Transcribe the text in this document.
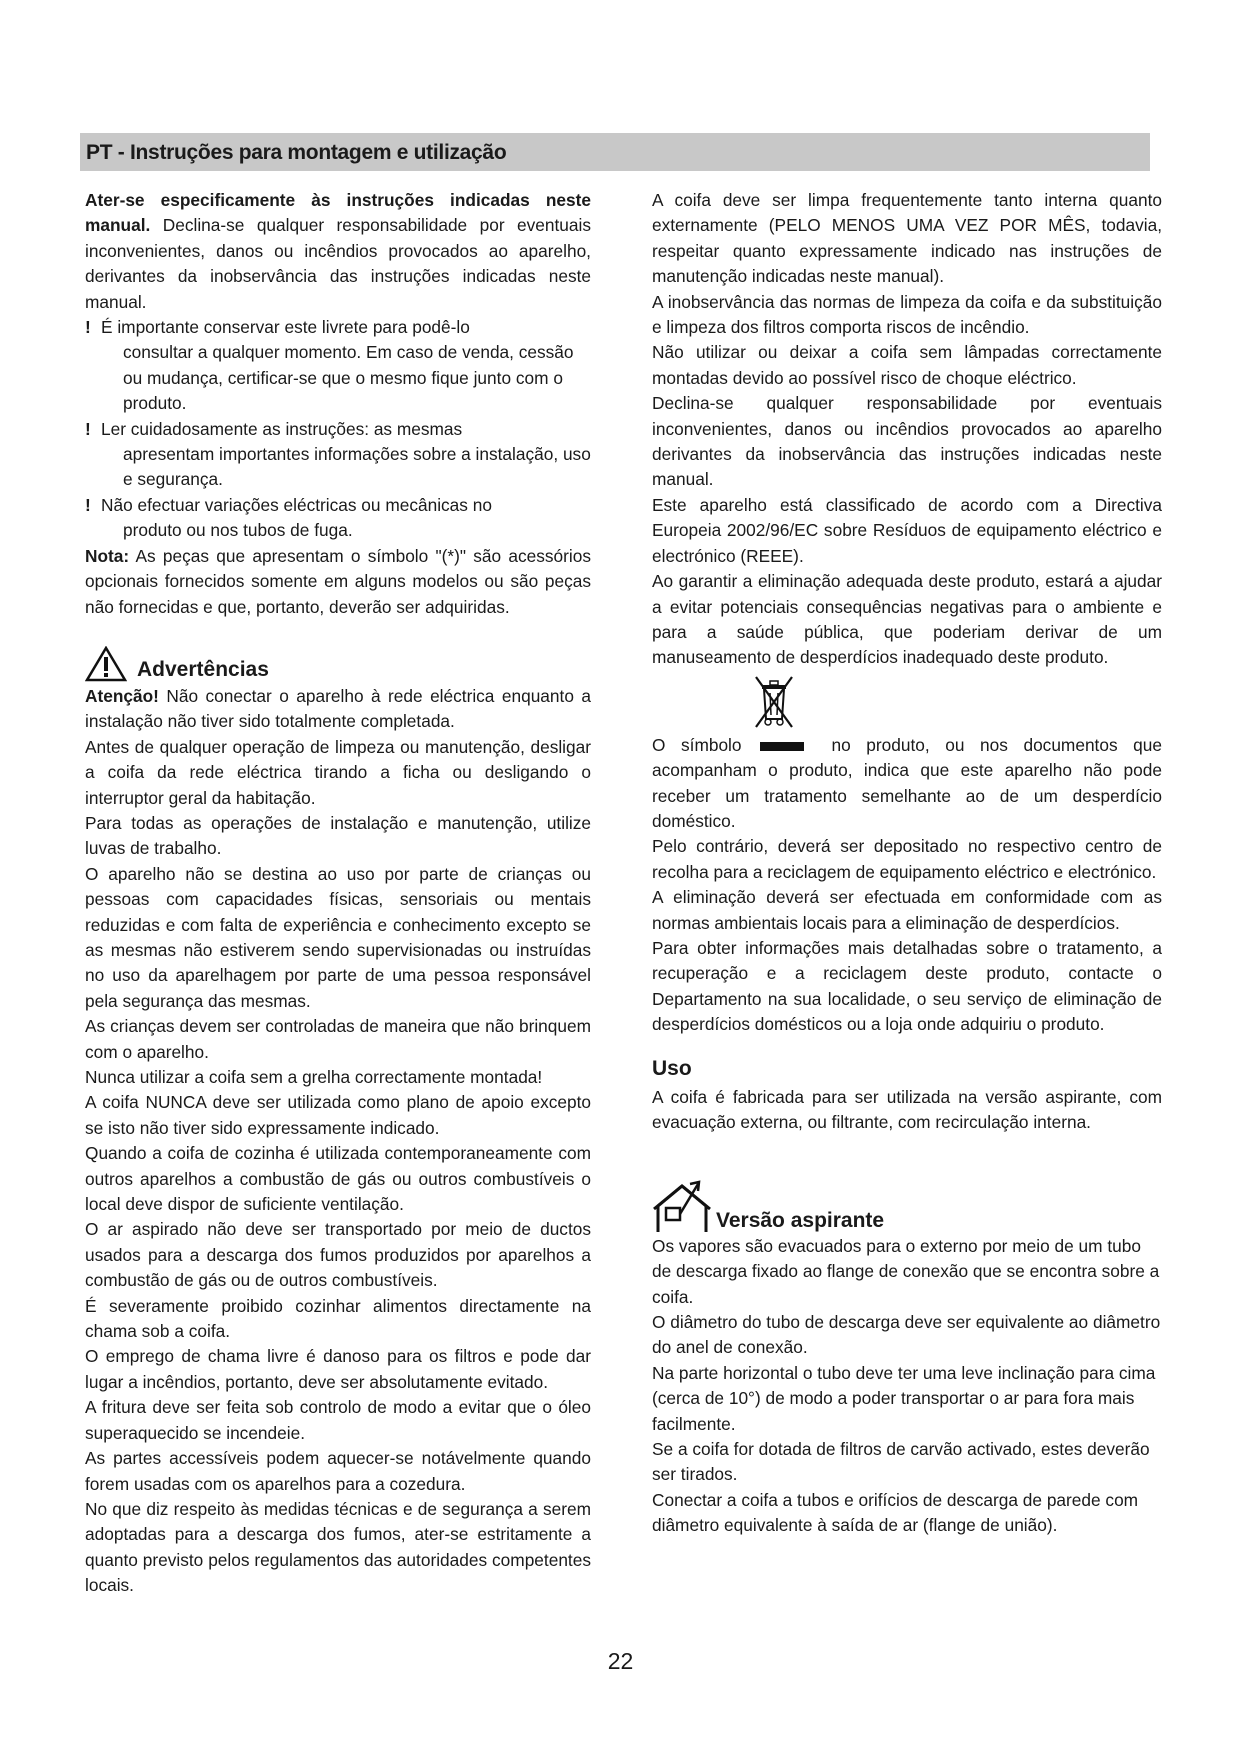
PT - Instruções para montagem e utilização

Ater-se especificamente às instruções indicadas neste manual. Declina-se qualquer responsabilidade por eventuais inconvenientes, danos ou incêndios provocados ao aparelho, derivantes da inobservância das instruções indicadas neste manual.

! É importante conservar este livrete para podê-lo

consultar a qualquer momento. Em caso de venda, cessão ou mudança, certificar-se que o mesmo fique junto com o produto.

! Ler cuidadosamente as instruções: as mesmas

apresentam importantes informações sobre a instalação, uso e segurança.

! Não efectuar variações eléctricas ou mecânicas no

produto ou nos tubos de fuga.

Nota: As peças que apresentam o símbolo "(*)" são acessórios opcionais fornecidos somente em alguns modelos ou são peças não fornecidas e que, portanto, deverão ser adquiridas.

Advertências

Atenção! Não conectar o aparelho à rede eléctrica enquanto a instalação não tiver sido totalmente completada.

Antes de qualquer operação de limpeza ou manutenção, desligar a coifa da rede eléctrica tirando a ficha ou desligando o interruptor geral da habitação.

Para todas as operações de instalação e manutenção, utilize luvas de trabalho.

O aparelho não se destina ao uso por parte de crianças ou pessoas com capacidades físicas, sensoriais ou mentais reduzidas e com falta de experiência e conhecimento excepto se as mesmas não estiverem sendo supervisionadas ou instruídas no uso da aparelhagem por parte de uma pessoa responsável pela segurança das mesmas.

As crianças devem ser controladas de maneira que não brinquem com o aparelho.

Nunca utilizar a coifa sem a grelha correctamente montada!

A coifa NUNCA deve ser utilizada como plano de apoio excepto se isto não tiver sido expressamente indicado.

Quando a coifa de cozinha é utilizada contemporaneamente com outros aparelhos a combustão de gás ou outros combustíveis o local deve dispor de suficiente ventilação.

O ar aspirado não deve ser transportado por meio de ductos usados para a descarga dos fumos produzidos por aparelhos a combustão de gás ou de outros combustíveis.

É severamente proibido cozinhar alimentos directamente na chama sob a coifa.

O emprego de chama livre é danoso para os filtros e pode dar lugar a incêndios, portanto, deve ser absolutamente evitado.

A fritura deve ser feita sob controlo de modo a evitar que o óleo superaquecido se incendeie.

As partes accessíveis podem aquecer-se notávelmente quando forem usadas com os aparelhos para a cozedura.

No que diz respeito às medidas técnicas e de segurança a serem adoptadas para a descarga dos fumos, ater-se estritamente a quanto previsto pelos regulamentos das autoridades competentes locais.

A coifa deve ser limpa frequentemente tanto interna quanto externamente (PELO MENOS UMA VEZ POR MÊS, todavia, respeitar quanto expressamente indicado nas instruções de manutenção indicadas neste manual).

A inobservância das normas de limpeza da coifa e da substituição e limpeza dos filtros comporta riscos de incêndio.

Não utilizar ou deixar a coifa sem lâmpadas correctamente montadas devido ao possível risco de choque eléctrico.

Declina-se qualquer responsabilidade por eventuais inconvenientes, danos ou incêndios provocados ao aparelho derivantes da inobservância das instruções indicadas neste manual.

Este aparelho está classificado de acordo com a Directiva Europeia 2002/96/EC sobre Resíduos de equipamento eléctrico e electrónico (REEE).

Ao garantir a eliminação adequada deste produto, estará a ajudar a evitar potenciais consequências negativas para o ambiente e para a saúde pública, que poderiam derivar de um manuseamento de desperdícios inadequado deste produto.

O símbolo	no produto, ou nos documentos que acompanham o produto, indica que este aparelho não pode receber um tratamento semelhante ao de um desperdício doméstico.

Pelo contrário, deverá ser depositado no respectivo centro de recolha para a reciclagem de equipamento eléctrico e electrónico.

A eliminação deverá ser efectuada em conformidade com as normas ambientais locais para a eliminação de desperdícios.

Para obter informações mais detalhadas sobre o tratamento, a recuperação e a reciclagem deste produto, contacte o Departamento na sua localidade, o seu serviço de eliminação de desperdícios domésticos ou a loja onde adquiriu o produto.

Uso

A coifa é fabricada para ser utilizada na versão aspirante, com evacuação externa, ou filtrante, com recirculação interna.

Versão aspirante

Os vapores são evacuados para o externo por meio de um tubo de descarga fixado ao flange de conexão que se encontra sobre a coifa.

O diâmetro do tubo de descarga deve ser equivalente ao diâmetro do anel de conexão.

Na parte horizontal o tubo deve ter uma leve inclinação para cima (cerca de 10°) de modo a poder transportar o ar para fora mais facilmente.

Se a coifa for dotada de filtros de carvão activado, estes deverão ser tirados.

Conectar a coifa a tubos e orifícios de descarga de parede com diâmetro equivalente à saída de ar (flange de união).

22
